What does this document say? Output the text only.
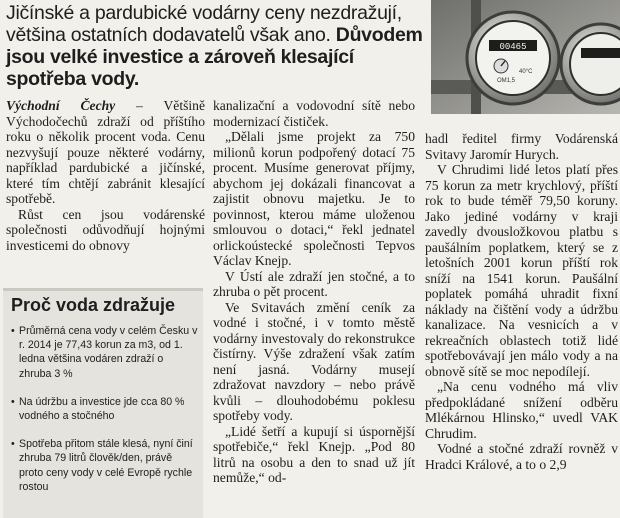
Jičínské a pardubické vodárny ceny nezdražují, většina ostatních dodavatelů však ano. Důvodem jsou velké investice a zároveň klesající spotřeba vody.
00465
OM1,5
40°C

Východní Čechy – Většině Východočechů zdraží od příštího roku o několik procent voda. Cenu nezvyšují pouze některé vodárny, například pardubické a jičínské, které tím chtějí zabránit klesající spotřebě.

Růst cen jsou vodárenské společnosti odůvodňují hojnými investicemi do obnovy

Proč voda zdražuje
• Průměrná cena vody v celém Česku v r. 2014 je 77,43 korun za m3, od 1. ledna většina vodáren zdraží o zhruba 3 %
• Na údržbu a investice jde cca 80 % vodného a stočného
• Spotřeba přitom stále klesá, nyní činí zhruba 79 litrů člověk/den, právě proto ceny vody v celé Evropě rychle rostou

kanalizační a vodovodní sítě nebo modernizací čističek.

„Dělali jsme projekt za 750 milionů korun podpořený dotací 75 procent. Musíme generovat příjmy, abychom jej dokázali financovat a zajistit obnovu majetku. Je to povinnost, kterou máme uloženou smlouvou o dotaci,“ řekl jednatel orlickoústecké společnosti Tepvos Václav Knejp.

V Ústí ale zdraží jen stočné, a to zhruba o pět procent.

Ve Svitavách změní ceník za vodné i stočné, i v tomto městě vodárny investovaly do rekonstrukce čistírny. Výše zdražení však zatím není jasná. Vodárny musejí zdražovat navzdory – nebo právě kvůli – dlouhodobému poklesu spotřeby vody.

„Lidé šetří a kupují si úspornější spotřebiče,“ řekl Knejp. „Pod 80 litrů na osobu a den to snad už jít nemůže,“ od-

hadl ředitel firmy Vodárenská Svitavy Jaromír Hurych.

V Chrudimi lidé letos platí přes 75 korun za metr krychlový, příští rok to bude téměř 79,50 koruny. Jako jediné vodárny v kraji zavedly dvousložkovou platbu s paušálním poplatkem, který se z letošních 2001 korun příští rok sníží na 1541 korun. Paušální poplatek pomáhá uhradit fixní náklady na čištění vody a údržbu kanalizace. Na vesnicích a v rekreačních oblastech totiž lidé spotřebovávají jen málo vody a na obnově sítě se moc nepodílejí.

„Na cenu vodného má vliv předpokládané snížení odběru Mlékárnou Hlinsko,“ uvedl VAK Chrudim.

Vodné a stočné zdraží rovněž v Hradci Králové, a to o 2,9
